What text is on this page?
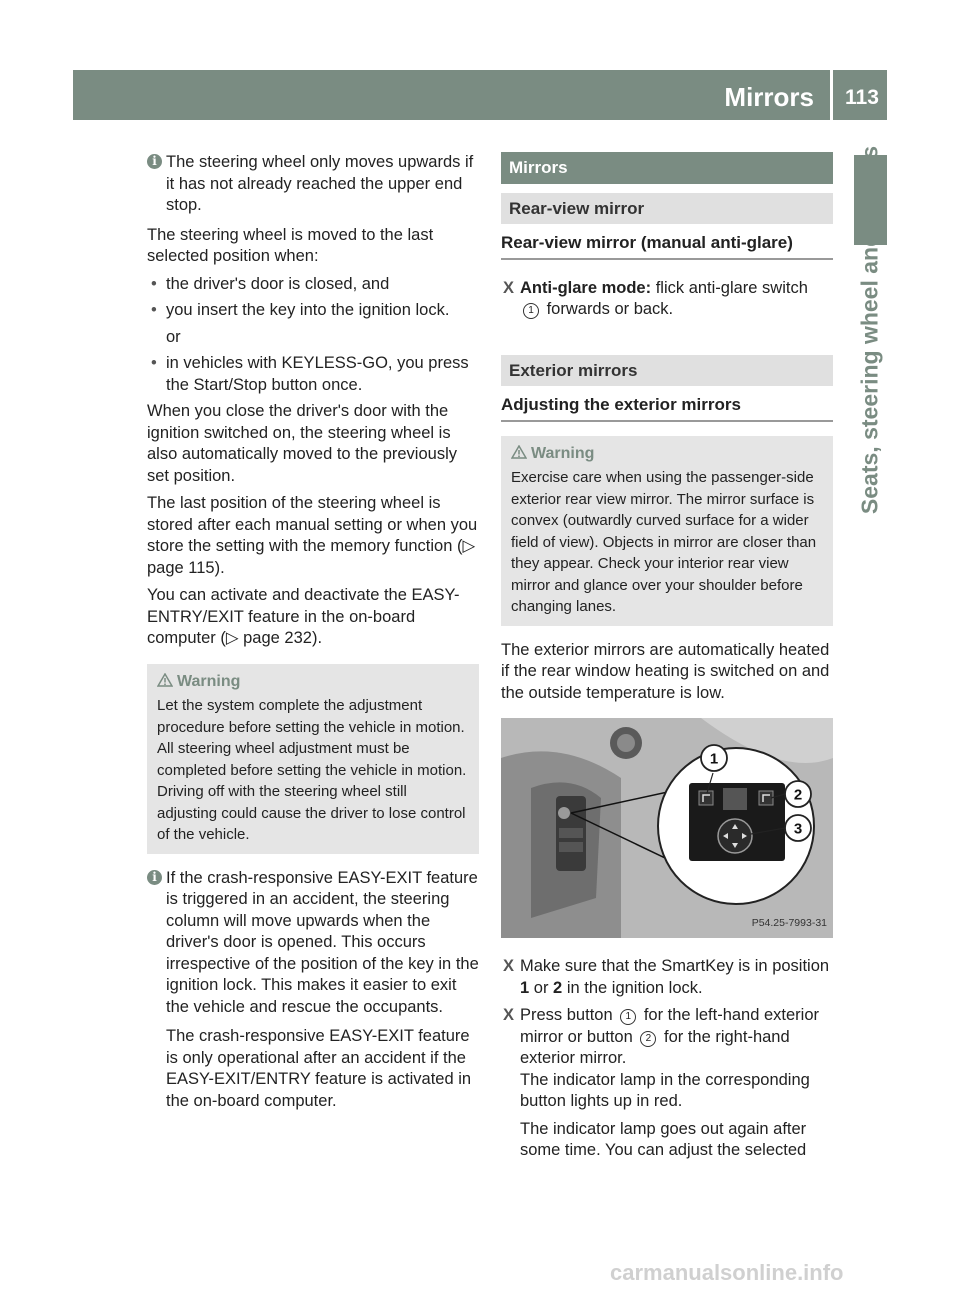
Mirrors 113
Seats, steering wheel and mirrors
i The steering wheel only moves upwards if it has not already reached the upper end stop.

The steering wheel is moved to the last selected position when:

• the driver's door is closed, and
• you insert the key into the ignition lock.
or
• in vehicles with KEYLESS-GO, you press the Start/Stop button once.

When you close the driver's door with the ignition switched on, the steering wheel is also automatically moved to the previously set position.

The last position of the steering wheel is stored after each manual setting or when you store the setting with the memory function (▷ page 115).

You can activate and deactivate the EASY-ENTRY/EXIT feature in the on-board computer (▷ page 232).

Warning
Let the system complete the adjustment procedure before setting the vehicle in motion. All steering wheel adjustment must be completed before setting the vehicle in motion. Driving off with the steering wheel still adjusting could cause the driver to lose control of the vehicle.
i If the crash-responsive EASY-EXIT feature is triggered in an accident, the steering column will move upwards when the driver's door is opened. This occurs irrespective of the position of the key in the ignition lock. This makes it easier to exit the vehicle and rescue the occupants.
The crash-responsive EASY-EXIT feature is only operational after an accident if the EASY-EXIT/ENTRY feature is activated in the on-board computer.
Mirrors
Rear-view mirror
Rear-view mirror (manual anti-glare)
X Anti-glare mode: flick anti-glare switch 1 forwards or back.
Exterior mirrors
Adjusting the exterior mirrors
Warning
Exercise care when using the passenger-side exterior rear view mirror. The mirror surface is convex (outwardly curved surface for a wider field of view). Objects in mirror are closer than they appear. Check your interior rear view mirror and glance over your shoulder before changing lanes.

The exterior mirrors are automatically heated if the rear window heating is switched on and the outside temperature is low.

1
2
3
P54.25-7993-31
X Make sure that the SmartKey is in position 1 or 2 in the ignition lock.
X Press button 1 for the left-hand exterior mirror or button 2 for the right-hand exterior mirror.
The indicator lamp in the corresponding button lights up in red.
The indicator lamp goes out again after some time. You can adjust the selected
carmanualsonline.info
